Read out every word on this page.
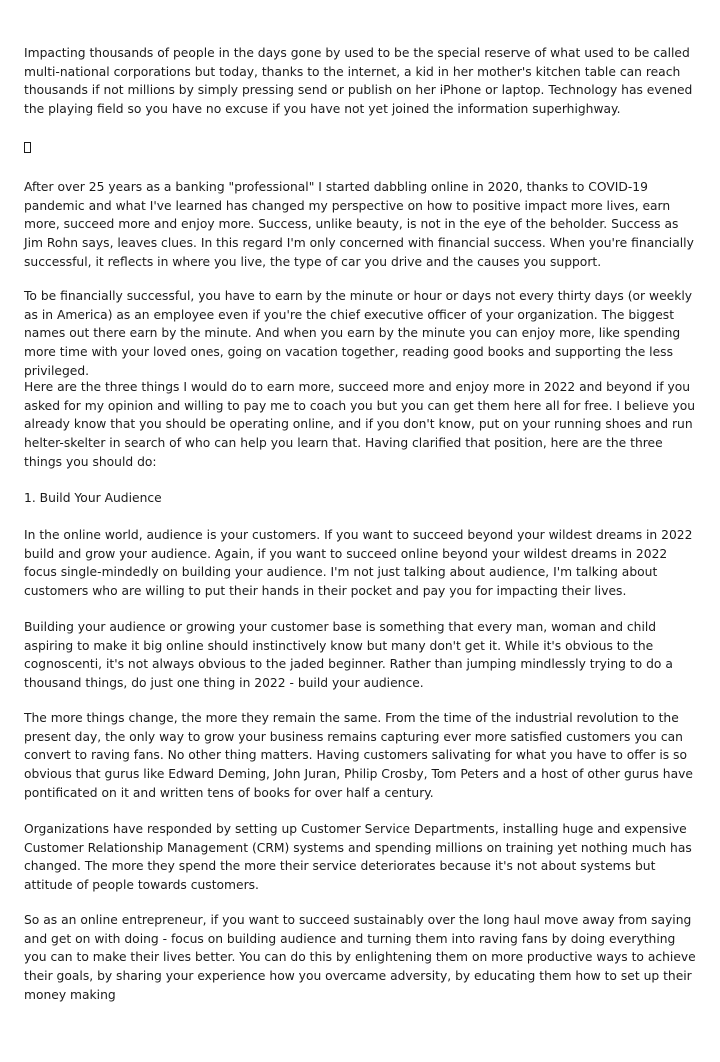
Impacting thousands of people in the days gone by used to be the special reserve of what used to be called multi-national corporations but today, thanks to the internet, a kid in her mother's kitchen table can reach thousands if not millions by simply pressing send or publish on her iPhone or laptop. Technology has evened the playing field so you have no excuse if you have not yet joined the information superhighway.

After over 25 years as a banking "professional" I started dabbling online in 2020, thanks to COVID-19 pandemic and what I've learned has changed my perspective on how to positive impact more lives, earn more, succeed more and enjoy more. Success, unlike beauty, is not in the eye of the beholder. Success as Jim Rohn says, leaves clues. In this regard I'm only concerned with financial success. When you're financially successful, it reflects in where you live, the type of car you drive and the causes you support.

To be financially successful, you have to earn by the minute or hour or days not every thirty days (or weekly as in America) as an employee even if you're the chief executive officer of your organization. The biggest names out there earn by the minute. And when you earn by the minute you can enjoy more, like spending more time with your loved ones, going on vacation together, reading good books and supporting the less privileged.

Here are the three things I would do to earn more, succeed more and enjoy more in 2022 and beyond if you asked for my opinion and willing to pay me to coach you but you can get them here all for free. I believe you already know that you should be operating online, and if you don't know, put on your running shoes and run helter-skelter in search of who can help you learn that. Having clarified that position, here are the three things you should do:

1. Build Your Audience

In the online world, audience is your customers. If you want to succeed beyond your wildest dreams in 2022 build and grow your audience. Again, if you want to succeed online beyond your wildest dreams in 2022 focus single-mindedly on building your audience. I'm not just talking about audience, I'm talking about customers who are willing to put their hands in their pocket and pay you for impacting their lives.

Building your audience or growing your customer base is something that every man, woman and child aspiring to make it big online should instinctively know but many don't get it. While it's obvious to the cognoscenti, it's not always obvious to the jaded beginner. Rather than jumping mindlessly trying to do a thousand things, do just one thing in 2022 - build your audience.

The more things change, the more they remain the same. From the time of the industrial revolution to the present day, the only way to grow your business remains capturing ever more satisfied customers you can convert to raving fans. No other thing matters. Having customers salivating for what you have to offer is so obvious that gurus like Edward Deming, John Juran, Philip Crosby, Tom Peters and a host of other gurus have pontificated on it and written tens of books for over half a century.

Organizations have responded by setting up Customer Service Departments, installing huge and expensive Customer Relationship Management (CRM) systems and spending millions on training yet nothing much has changed. The more they spend the more their service deteriorates because it's not about systems but attitude of people towards customers.

So as an online entrepreneur, if you want to succeed sustainably over the long haul move away from saying and get on with doing - focus on building audience and turning them into raving fans by doing everything you can to make their lives better. You can do this by enlightening them on more productive ways to achieve their goals, by sharing your experience how you overcame adversity, by educating them how to set up their money making
